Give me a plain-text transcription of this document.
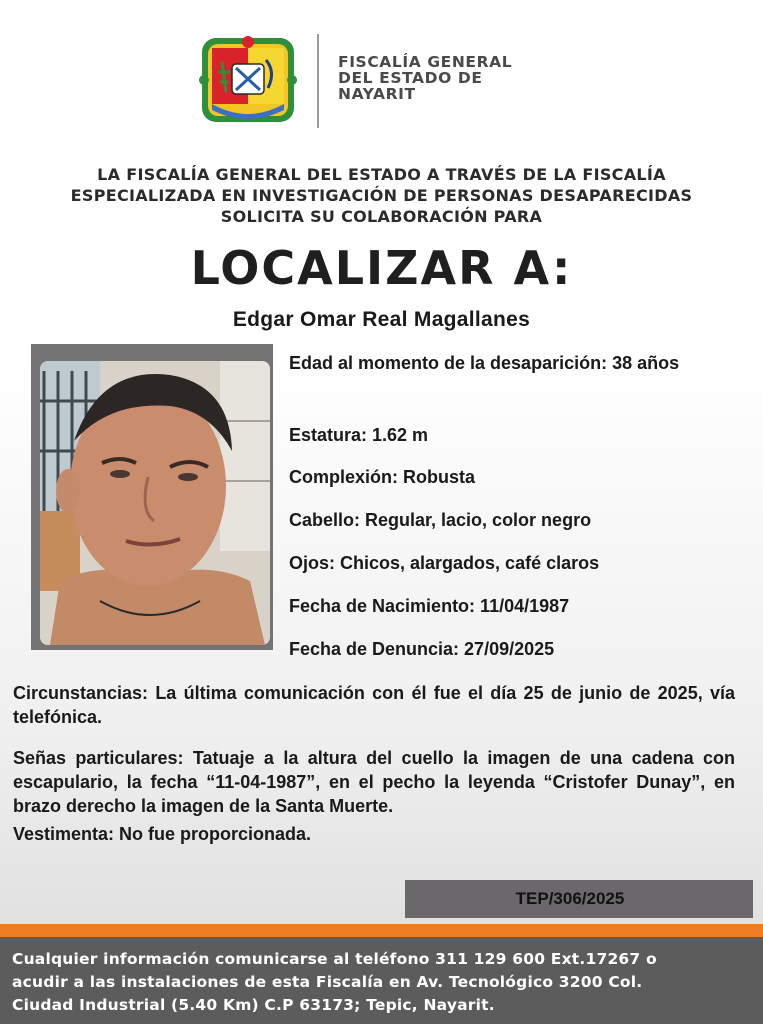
FISCALÍA GENERAL
DEL ESTADO DE
NAYARIT
LA FISCALÍA GENERAL DEL ESTADO A TRAVÉS DE LA FISCALÍA
ESPECIALIZADA EN INVESTIGACIÓN DE PERSONAS DESAPARECIDAS
SOLICITA SU COLABORACIÓN PARA
LOCALIZAR A:
Edgar Omar Real Magallanes
Edad al momento de la desaparición: 38 años
Estatura: 1.62 m
Complexión: Robusta
Cabello: Regular, lacio, color negro
Ojos: Chicos, alargados, café claros
Fecha de Nacimiento: 11/04/1987
Fecha de Denuncia: 27/09/2025
Circunstancias: La última comunicación con él fue el día 25 de junio de 2025, vía telefónica.
Señas particulares: Tatuaje a la altura del cuello la imagen de una cadena con escapulario, la fecha “11-04-1987”, en el pecho la leyenda “Cristofer Dunay”, en brazo derecho la imagen de la Santa Muerte.
Vestimenta: No fue proporcionada.
TEP/306/2025
Cualquier información comunicarse al teléfono 311 129 600 Ext.17267 o
acudir a las instalaciones de esta Fiscalía en Av. Tecnológico 3200 Col.
Ciudad Industrial (5.40 Km) C.P 63173; Tepic, Nayarit.
